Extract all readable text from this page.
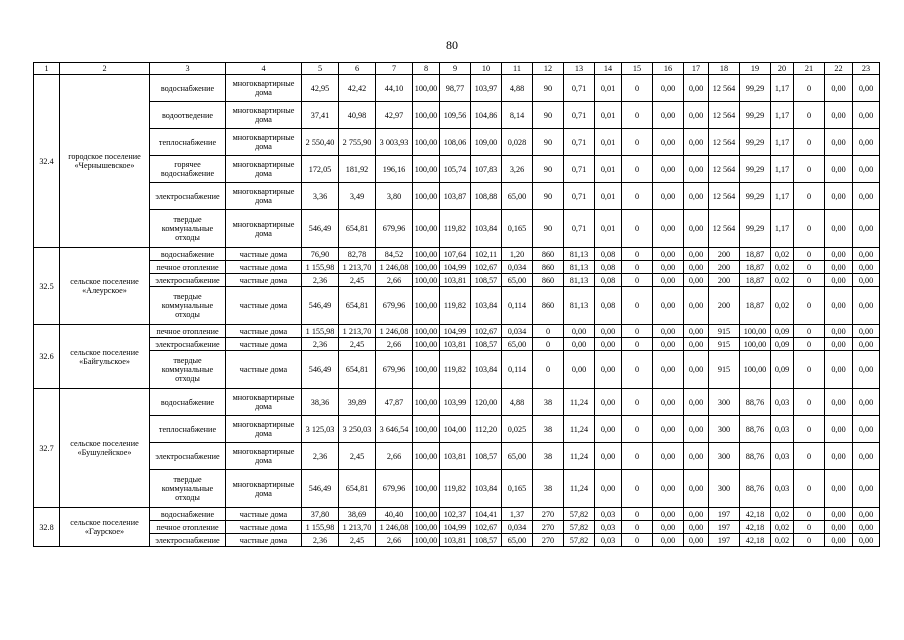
80
1	2	3	4	5	6	7	8	9	10	11	12	13	14	15	16	17	18	19	20	21	22	23
32.4	городское поселение «Чернышевское»	водоснабжение	многоквартирные дома	42,95	42,42	44,10	100,00	98,77	103,97	4,88	90	0,71	0,01	0	0,00	0,00	12 564	99,29	1,17	0	0,00	0,00
		водоотведение	многоквартирные дома	37,41	40,98	42,97	100,00	109,56	104,86	8,14	90	0,71	0,01	0	0,00	0,00	12 564	99,29	1,17	0	0,00	0,00
		теплоснабжение	многоквартирные дома	2 550,40	2 755,90	3 003,93	100,00	108,06	109,00	0,028	90	0,71	0,01	0	0,00	0,00	12 564	99,29	1,17	0	0,00	0,00
		горячее водоснабжение	многоквартирные дома	172,05	181,92	196,16	100,00	105,74	107,83	3,26	90	0,71	0,01	0	0,00	0,00	12 564	99,29	1,17	0	0,00	0,00
		электроснабжение	многоквартирные дома	3,36	3,49	3,80	100,00	103,87	108,88	65,00	90	0,71	0,01	0	0,00	0,00	12 564	99,29	1,17	0	0,00	0,00
		твердые коммунальные отходы	многоквартирные дома	546,49	654,81	679,96	100,00	119,82	103,84	0,165	90	0,71	0,01	0	0,00	0,00	12 564	99,29	1,17	0	0,00	0,00
32.5	сельское поселение «Алеурское»	водоснабжение	частные дома	76,90	82,78	84,52	100,00	107,64	102,11	1,20	860	81,13	0,08	0	0,00	0,00	200	18,87	0,02	0	0,00	0,00
		печное отопление	частные дома	1 155,98	1 213,70	1 246,08	100,00	104,99	102,67	0,034	860	81,13	0,08	0	0,00	0,00	200	18,87	0,02	0	0,00	0,00
		электроснабжение	частные дома	2,36	2,45	2,66	100,00	103,81	108,57	65,00	860	81,13	0,08	0	0,00	0,00	200	18,87	0,02	0	0,00	0,00
		твердые коммунальные отходы	частные дома	546,49	654,81	679,96	100,00	119,82	103,84	0,114	860	81,13	0,08	0	0,00	0,00	200	18,87	0,02	0	0,00	0,00
32.6	сельское поселение «Байгульское»	печное отопление	частные дома	1 155,98	1 213,70	1 246,08	100,00	104,99	102,67	0,034	0	0,00	0,00	0	0,00	0,00	915	100,00	0,09	0	0,00	0,00
		электроснабжение	частные дома	2,36	2,45	2,66	100,00	103,81	108,57	65,00	0	0,00	0,00	0	0,00	0,00	915	100,00	0,09	0	0,00	0,00
		твердые коммунальные отходы	частные дома	546,49	654,81	679,96	100,00	119,82	103,84	0,114	0	0,00	0,00	0	0,00	0,00	915	100,00	0,09	0	0,00	0,00
32.7	сельское поселение «Бушулейское»	водоснабжение	многоквартирные дома	38,36	39,89	47,87	100,00	103,99	120,00	4,88	38	11,24	0,00	0	0,00	0,00	300	88,76	0,03	0	0,00	0,00
		теплоснабжение	многоквартирные дома	3 125,03	3 250,03	3 646,54	100,00	104,00	112,20	0,025	38	11,24	0,00	0	0,00	0,00	300	88,76	0,03	0	0,00	0,00
		электроснабжение	многоквартирные дома	2,36	2,45	2,66	100,00	103,81	108,57	65,00	38	11,24	0,00	0	0,00	0,00	300	88,76	0,03	0	0,00	0,00
		твердые коммунальные отходы	многоквартирные дома	546,49	654,81	679,96	100,00	119,82	103,84	0,165	38	11,24	0,00	0	0,00	0,00	300	88,76	0,03	0	0,00	0,00
32.8	сельское поселение «Гаурское»	водоснабжение	частные дома	37,80	38,69	40,40	100,00	102,37	104,41	1,37	270	57,82	0,03	0	0,00	0,00	197	42,18	0,02	0	0,00	0,00
		печное отопление	частные дома	1 155,98	1 213,70	1 246,08	100,00	104,99	102,67	0,034	270	57,82	0,03	0	0,00	0,00	197	42,18	0,02	0	0,00	0,00
		электроснабжение	частные дома	2,36	2,45	2,66	100,00	103,81	108,57	65,00	270	57,82	0,03	0	0,00	0,00	197	42,18	0,02	0	0,00	0,00
